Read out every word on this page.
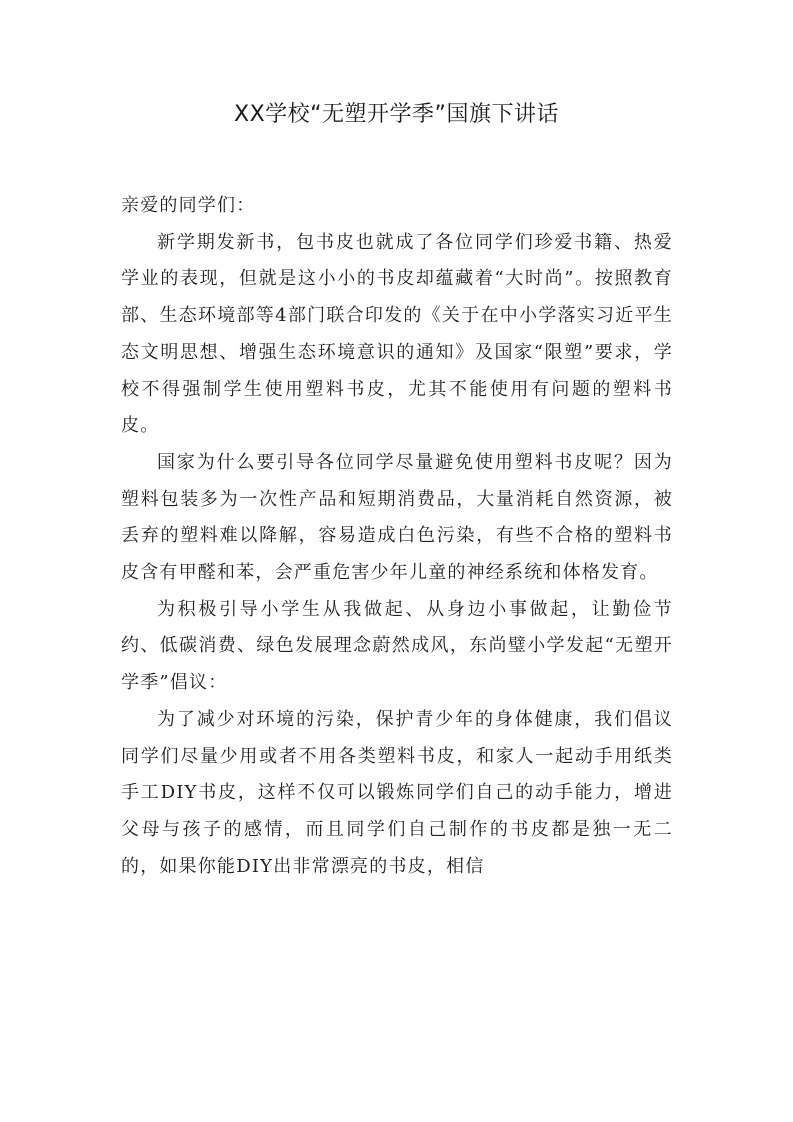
XX学校“无塑开学季”国旗下讲话

亲爱的同学们：

新学期发新书，包书皮也就成了各位同学们珍爱书籍、热爱学业的表现，但就是这小小的书皮却蕴藏着“大时尚”。按照教育部、生态环境部等4部门联合印发的《关于在中小学落实习近平生态文明思想、增强生态环境意识的通知》及国家“限塑”要求，学校不得强制学生使用塑料书皮，尤其不能使用有问题的塑料书皮。

国家为什么要引导各位同学尽量避免使用塑料书皮呢？因为塑料包装多为一次性产品和短期消费品，大量消耗自然资源，被丢弃的塑料难以降解，容易造成白色污染，有些不合格的塑料书皮含有甲醛和苯，会严重危害少年儿童的神经系统和体格发育。

为积极引导小学生从我做起、从身边小事做起，让勤俭节约、低碳消费、绿色发展理念蔚然成风，东尚璧小学发起“无塑开学季”倡议：

为了减少对环境的污染，保护青少年的身体健康，我们倡议同学们尽量少用或者不用各类塑料书皮，和家人一起动手用纸类手工DIY书皮，这样不仅可以锻炼同学们自己的动手能力，增进父母与孩子的感情，而且同学们自己制作的书皮都是独一无二的，如果你能DIY出非常漂亮的书皮，相信
